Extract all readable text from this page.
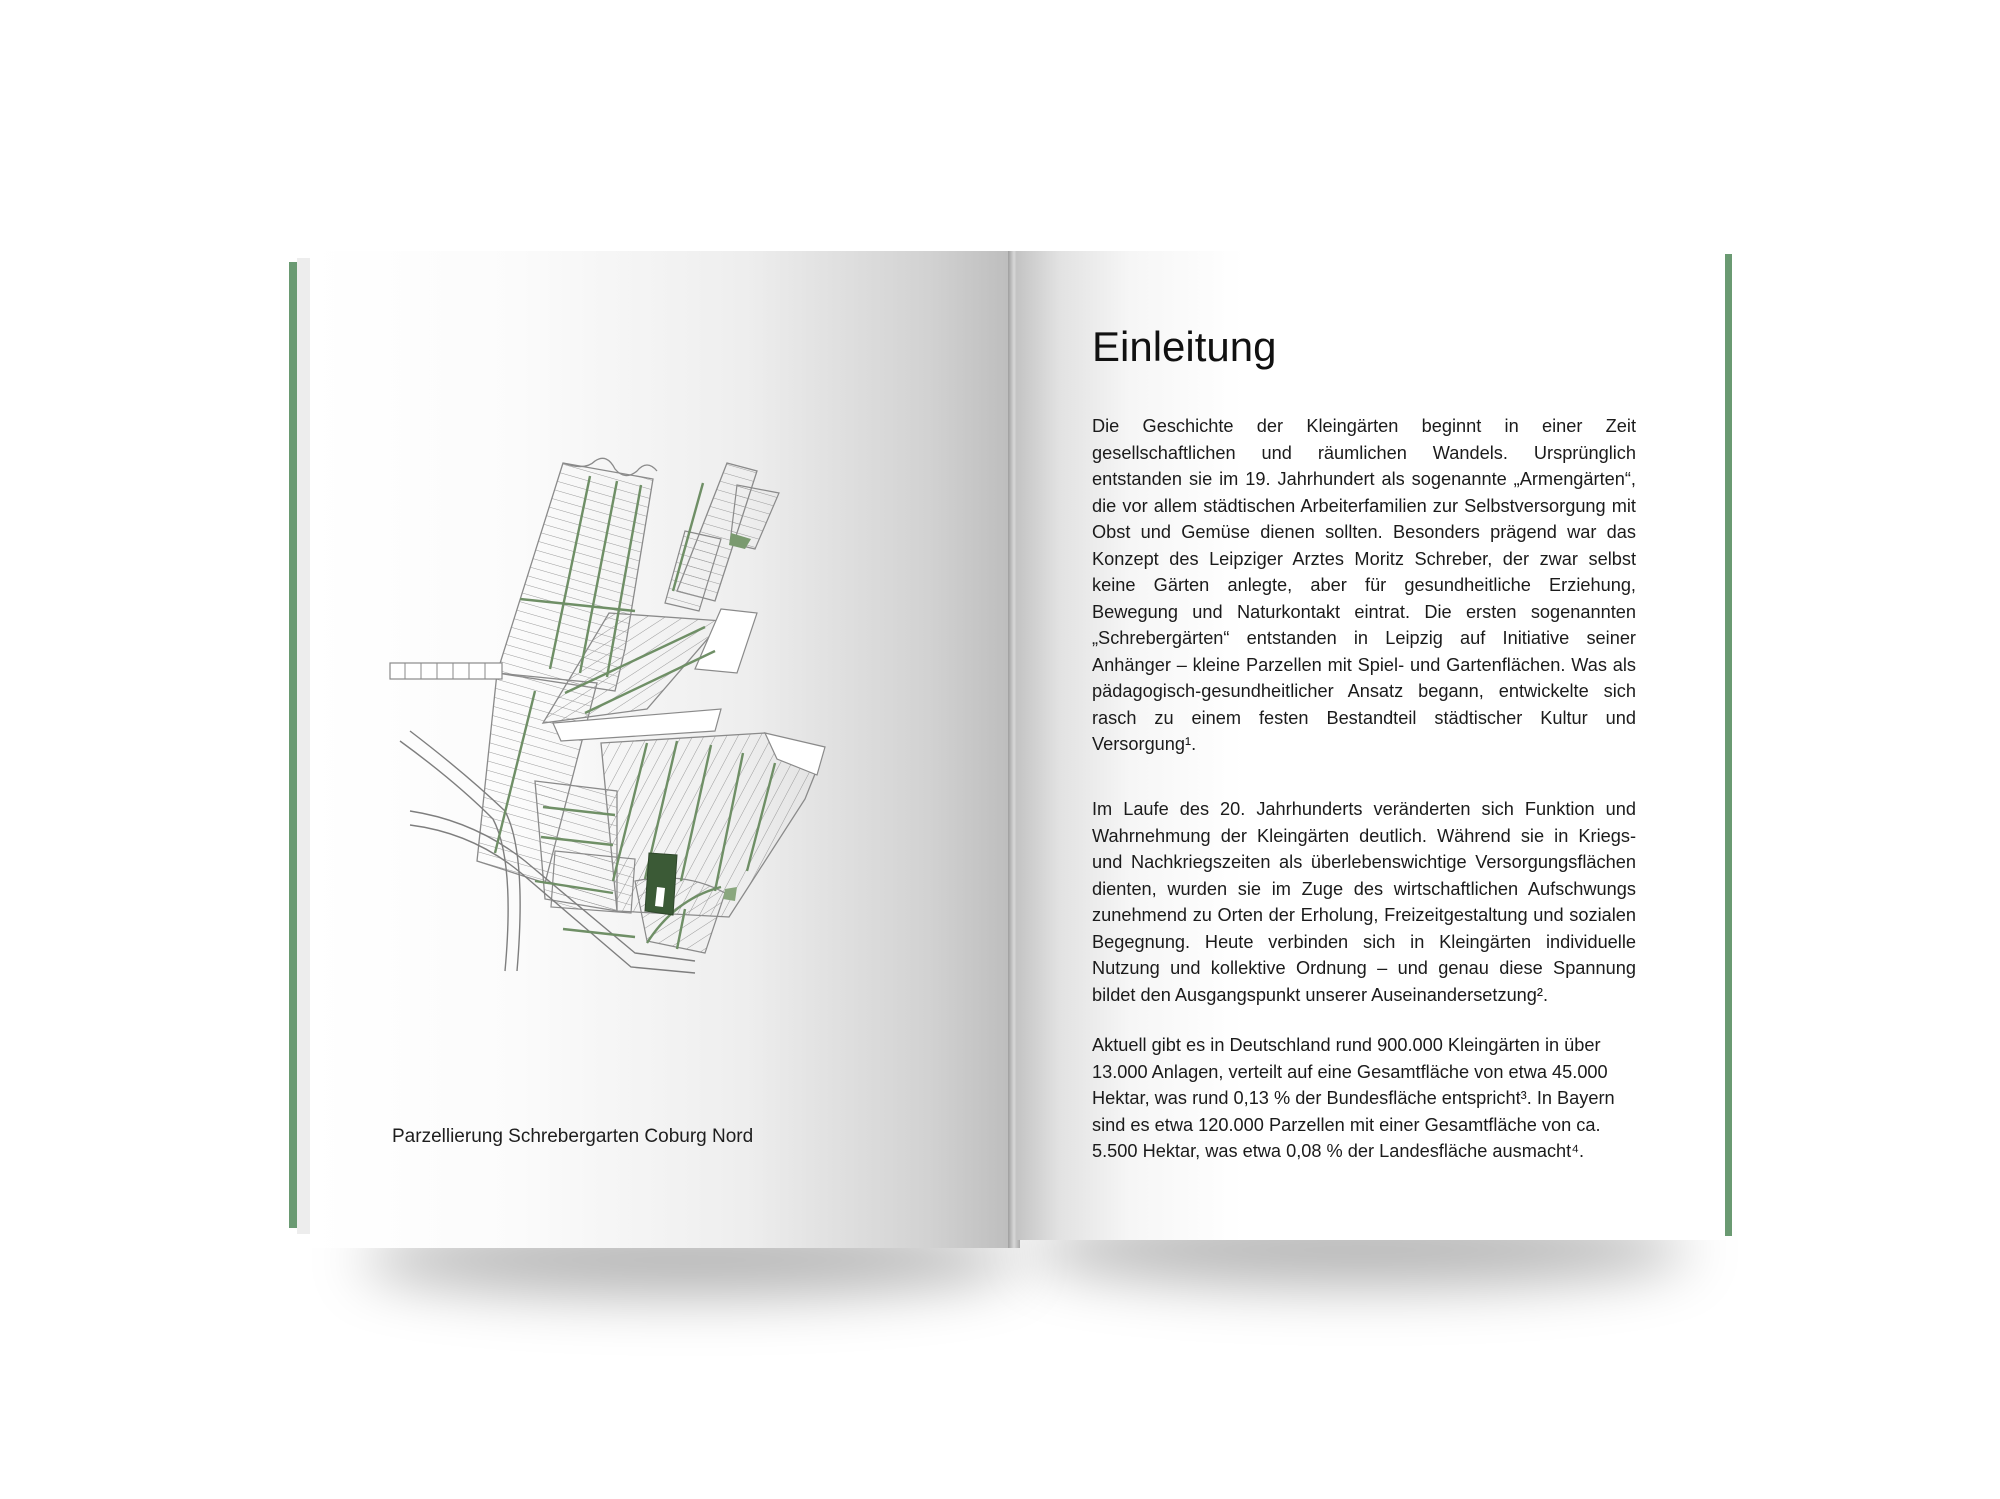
Parzellierung Schrebergarten Coburg Nord
Einleitung

Die Geschichte der Kleingärten beginnt in einer Zeit gesellschaftlichen und räumlichen Wandels. Ursprünglich entstanden sie im 19. Jahrhundert als sogenannte „Armengärten“, die vor allem städtischen Arbeiterfamilien zur Selbstversorgung mit Obst und Gemüse dienen sollten. Besonders prägend war das Konzept des Leipziger Arztes Moritz Schreber, der zwar selbst keine Gärten anlegte, aber für gesundheitliche Erziehung, Bewegung und Naturkontakt eintrat. Die ersten sogenannten „Schrebergärten“ entstanden in Leipzig auf Initiative seiner Anhänger – kleine Parzellen mit Spiel- und Gartenflächen. Was als pädagogisch-gesundheitlicher Ansatz begann, entwickelte sich rasch zu einem festen Bestandteil städtischer Kultur und Versorgung¹.

Im Laufe des 20. Jahrhunderts veränderten sich Funktion und Wahrnehmung der Kleingärten deutlich. Während sie in Kriegs- und Nachkriegszeiten als überlebenswichtige Versorgungsflächen dienten, wurden sie im Zuge des wirtschaftlichen Aufschwungs zunehmend zu Orten der Erholung, Freizeitgestaltung und sozialen Begegnung. Heute verbinden sich in Kleingärten individuelle Nutzung und kollektive Ordnung – und genau diese Spannung bildet den Ausgangspunkt unserer Auseinandersetzung².

Aktuell gibt es in Deutschland rund 900.000 Kleingärten in über 13.000 Anlagen, verteilt auf eine Gesamtfläche von etwa 45.000 Hektar, was rund 0,13 % der Bundesfläche entspricht³. In Bayern sind es etwa 120.000 Parzellen mit einer Gesamtfläche von ca. 5.500 Hektar, was etwa 0,08 % der Landesfläche ausmacht⁴.
